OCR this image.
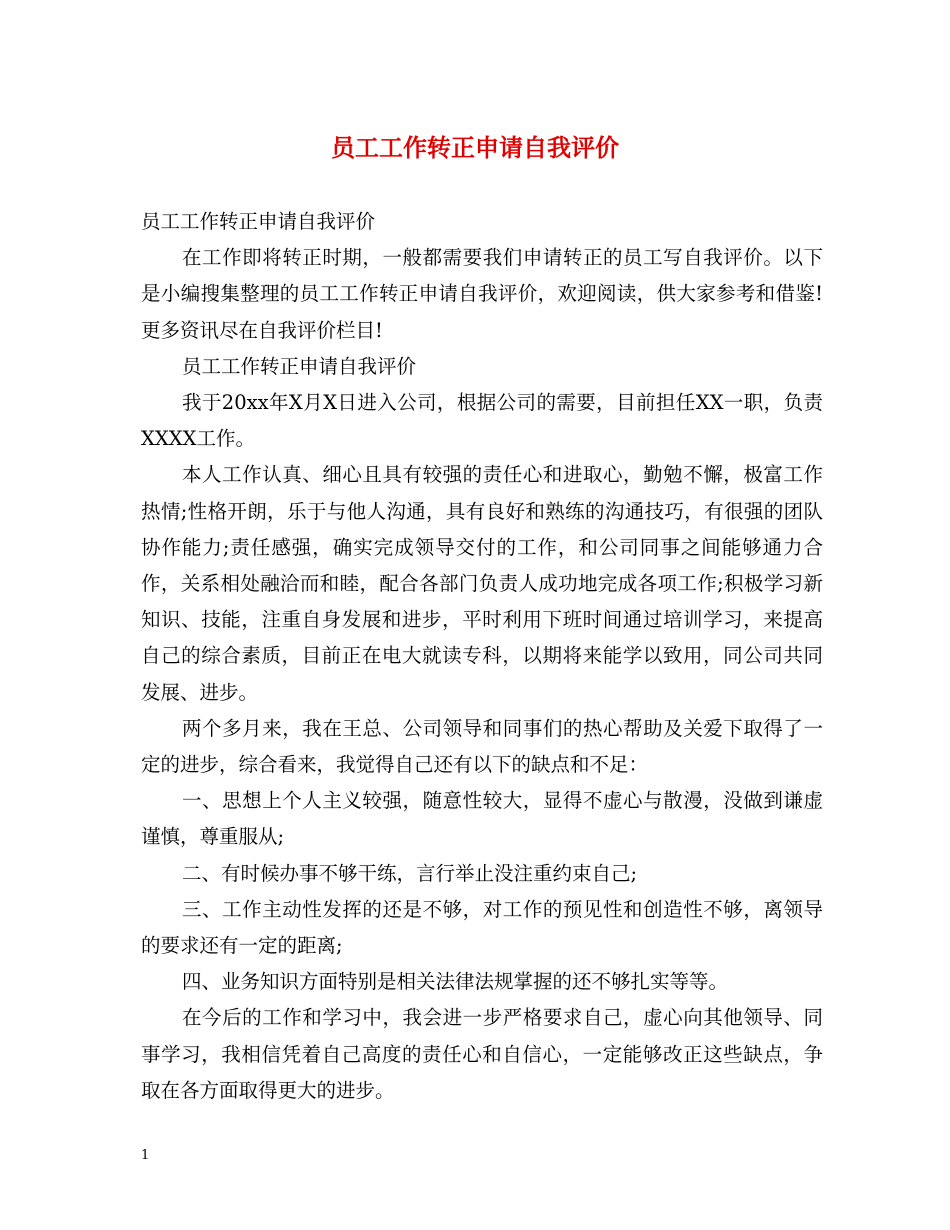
员工工作转正申请自我评价

员工工作转正申请自我评价

在工作即将转正时期，一般都需要我们申请转正的员工写自我评价。以下是小编搜集整理的员工工作转正申请自我评价，欢迎阅读，供大家参考和借鉴!更多资讯尽在自我评价栏目!

员工工作转正申请自我评价

我于20xx年X月X日进入公司，根据公司的需要，目前担任XX一职，负责XXXX工作。

本人工作认真、细心且具有较强的责任心和进取心，勤勉不懈，极富工作热情;性格开朗，乐于与他人沟通，具有良好和熟练的沟通技巧，有很强的团队协作能力;责任感强，确实完成领导交付的工作，和公司同事之间能够通力合作，关系相处融洽而和睦，配合各部门负责人成功地完成各项工作;积极学习新知识、技能，注重自身发展和进步，平时利用下班时间通过培训学习，来提高自己的综合素质，目前正在电大就读专科，以期将来能学以致用，同公司共同发展、进步。

两个多月来，我在王总、公司领导和同事们的热心帮助及关爱下取得了一定的进步，综合看来，我觉得自己还有以下的缺点和不足：

一、思想上个人主义较强，随意性较大，显得不虚心与散漫，没做到谦虚谨慎，尊重服从;

二、有时候办事不够干练，言行举止没注重约束自己;

三、工作主动性发挥的还是不够，对工作的预见性和创造性不够，离领导的要求还有一定的距离;

四、业务知识方面特别是相关法律法规掌握的还不够扎实等等。

在今后的工作和学习中，我会进一步严格要求自己，虚心向其他领导、同事学习，我相信凭着自己高度的责任心和自信心，一定能够改正这些缺点，争取在各方面取得更大的进步。

1
